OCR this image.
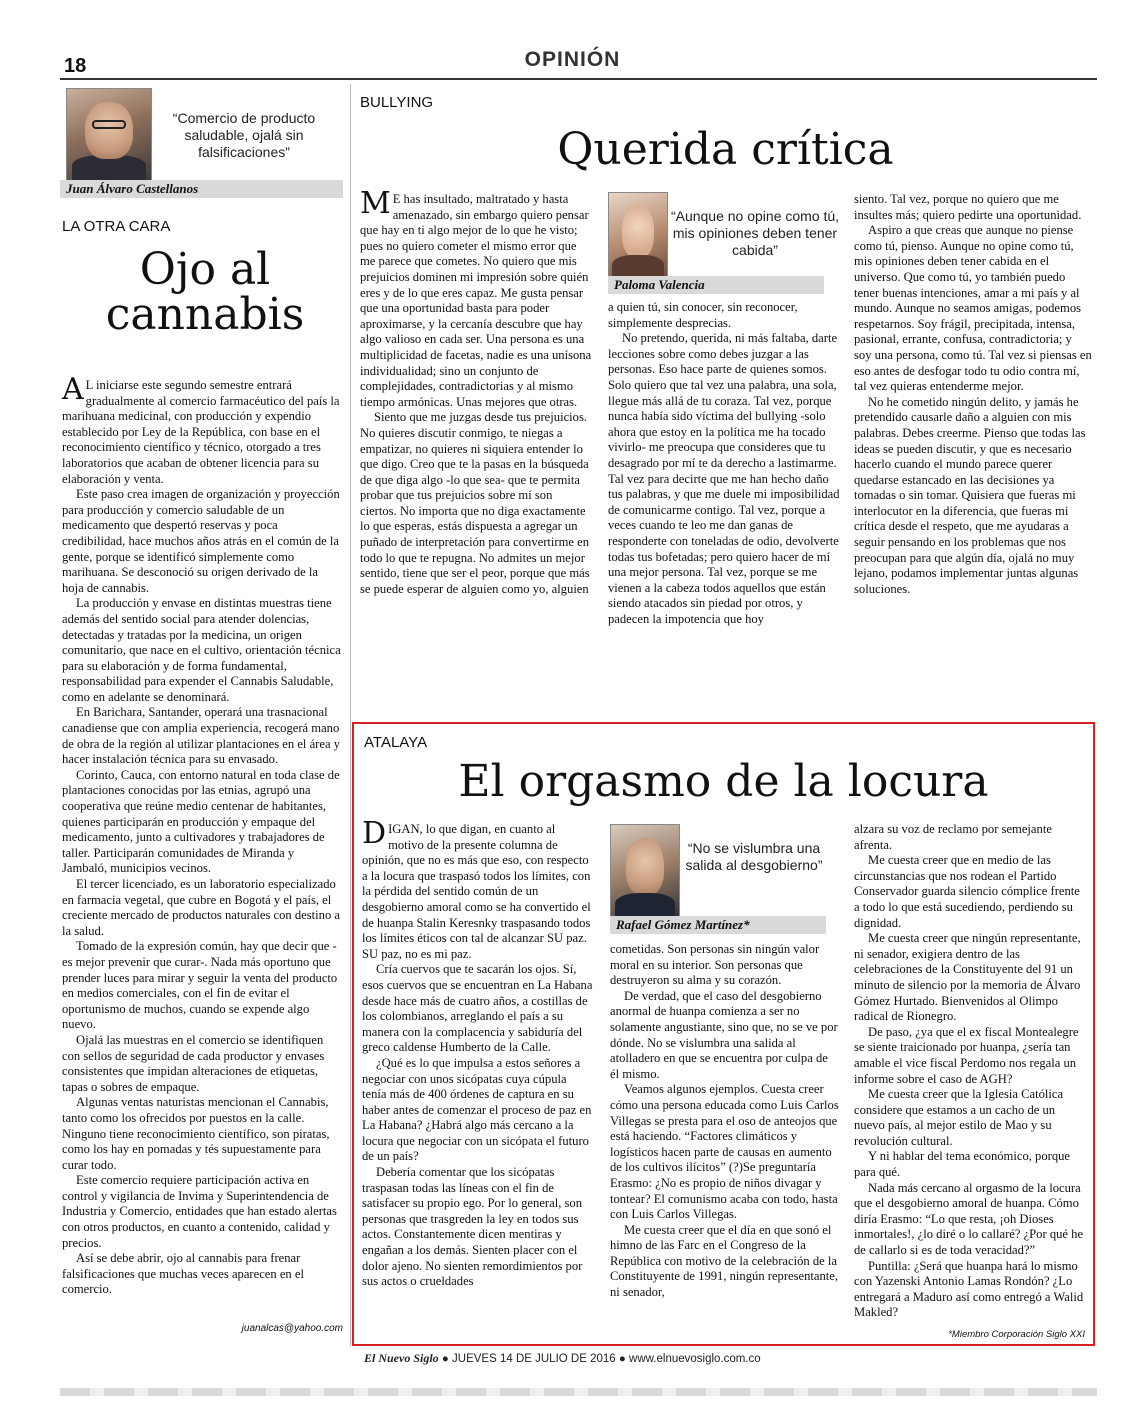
18	OPINIÓN
“Comercio de producto saludable, ojalá sin falsificaciones”
Juan Álvaro Castellanos
LA OTRA CARA
Ojo al cannabis

A L iniciarse este segundo semestre entrará gradualmente al comercio farmacéutico del país la marihuana medicinal, con producción y expendio establecido por Ley de la República, con base en el reconocimiento científico y técnico, otorgado a tres laboratorios que acaban de obtener licencia para su elaboración y venta.

Este paso crea imagen de organización y proyección para producción y comercio saludable de un medicamento que despertó reservas y poca credibilidad, hace muchos años atrás en el común de la gente, porque se identificó simplemente como marihuana. Se desconoció su origen derivado de la hoja de cannabis.

La producción y envase en distintas muestras tiene además del sentido social para atender dolencias, detectadas y tratadas por la medicina, un origen comunitario, que nace en el cultivo, orientación técnica para su elaboración y de forma fundamental, responsabilidad para expender el Cannabis Saludable, como en adelante se denominará.

En Barichara, Santander, operará una trasnacional canadiense que con amplia experiencia, recogerá mano de obra de la región al utilizar plantaciones en el área y hacer instalación técnica para su envasado.

Corinto, Cauca, con entorno natural en toda clase de plantaciones conocidas por las etnias, agrupó una cooperativa que reúne medio centenar de habitantes, quienes participarán en producción y empaque del medicamento, junto a cultivadores y trabajadores de taller. Participarán comunidades de Miranda y Jambaló, municipios vecinos.

El tercer licenciado, es un laboratorio especializado en farmacia vegetal, que cubre en Bogotá y el país, el creciente mercado de productos naturales con destino a la salud.

Tomado de la expresión común, hay que decir que -es mejor prevenir que curar-. Nada más oportuno que prender luces para mirar y seguir la venta del producto en medios comerciales, con el fin de evitar el oportunismo de muchos, cuando se expende algo nuevo.

Ojalá las muestras en el comercio se identifiquen con sellos de seguridad de cada productor y envases consistentes que impidan alteraciones de etiquetas, tapas o sobres de empaque.

Algunas ventas naturistas mencionan el Cannabis, tanto como los ofrecidos por puestos en la calle. Ninguno tiene reconocimiento científico, son piratas, como los hay en pomadas y tés supuestamente para curar todo.

Este comercio requiere participación activa en control y vigilancia de Invima y Superintendencia de Industria y Comercio, entidades que han estado alertas con otros productos, en cuanto a contenido, calidad y precios.

Así se debe abrir, ojo al cannabis para frenar falsificaciones que muchas veces aparecen en el comercio.

juanalcas@yahoo.com
BULLYING
Querida crítica

M E has insultado, maltratado y hasta amenazado, sin embargo quiero pensar que hay en ti algo mejor de lo que he visto; pues no quiero cometer el mismo error que me parece que cometes. No quiero que mis prejuicios dominen mi impresión sobre quién eres y de lo que eres capaz. Me gusta pensar que una oportunidad basta para poder aproximarse, y la cercanía descubre que hay algo valioso en cada ser. Una persona es una multiplicidad de facetas, nadie es una unísona individualidad; sino un conjunto de complejidades, contradictorias y al mismo tiempo armónicas. Unas mejores que otras.

Siento que me juzgas desde tus prejuicios. No quieres discutir conmigo, te niegas a empatizar, no quieres ni siquiera entender lo que digo. Creo que te la pasas en la búsqueda de que diga algo -lo que sea- que te permita probar que tus prejuicios sobre mí son ciertos. No importa que no diga exactamente lo que esperas, estás dispuesta a agregar un puñado de interpretación para convertirme en todo lo que te repugna. No admites un mejor sentido, tiene que ser el peor, porque que más se puede esperar de alguien como yo, alguien

“Aunque no opine como tú, mis opiniones deben tener cabida”
Paloma Valencia

a quien tú, sin conocer, sin reconocer, simplemente desprecias.

No pretendo, querida, ni más faltaba, darte lecciones sobre como debes juzgar a las personas. Eso hace parte de quienes somos. Solo quiero que tal vez una palabra, una sola, llegue más allá de tu coraza. Tal vez, porque nunca había sido víctima del bullying -solo ahora que estoy en la política me ha tocado vivirlo- me preocupa que consideres que tu desagrado por mí te da derecho a lastimarme. Tal vez para decirte que me han hecho daño tus palabras, y que me duele mi imposibilidad de comunicarme contigo. Tal vez, porque a veces cuando te leo me dan ganas de responderte con toneladas de odio, devolverte todas tus bofetadas; pero quiero hacer de mí una mejor persona. Tal vez, porque se me vienen a la cabeza todos aquellos que están siendo atacados sin piedad por otros, y padecen la impotencia que hoy

siento. Tal vez, porque no quiero que me insultes más; quiero pedirte una oportunidad.

Aspiro a que creas que aunque no piense como tú, pienso. Aunque no opine como tú, mis opiniones deben tener cabida en el universo. Que como tú, yo también puedo tener buenas intenciones, amar a mi país y al mundo. Aunque no seamos amigas, podemos respetarnos. Soy frágil, precipitada, intensa, pasional, errante, confusa, contradictoria; y soy una persona, como tú. Tal vez si piensas en eso antes de desfogar todo tu odio contra mí, tal vez quieras entenderme mejor.

No he cometido ningún delito, y jamás he pretendido causarle daño a alguien con mis palabras. Debes creerme. Pienso que todas las ideas se pueden discutir, y que es necesario hacerlo cuando el mundo parece querer quedarse estancado en las decisiones ya tomadas o sin tomar. Quisiera que fueras mi interlocutor en la diferencia, que fueras mi crítica desde el respeto, que me ayudaras a seguir pensando en los problemas que nos preocupan para que algún día, ojalá no muy lejano, podamos implementar juntas algunas soluciones.

ATALAYA
El orgasmo de la locura

DIGAN, lo que digan, en cuanto al motivo de la presente columna de opinión, que no es más que eso, con respecto a la locura que traspasó todos los límites, con la pérdida del sentido común de un desgobierno amoral como se ha convertido el de huanpa Stalin Keresnky traspasando todos los límites éticos con tal de alcanzar SU paz. SU paz, no es mi paz.

Cría cuervos que te sacarán los ojos. Sí, esos cuervos que se encuentran en La Habana desde hace más de cuatro años, a costillas de los colombianos, arreglando el país a su manera con la complacencia y sabiduría del greco caldense Humberto de la Calle.

¿Qué es lo que impulsa a estos señores a negociar con unos sicópatas cuya cúpula tenía más de 400 órdenes de captura en su haber antes de comenzar el proceso de paz en La Habana? ¿Habrá algo más cercano a la locura que negociar con un sicópata el futuro de un país?

Debería comentar que los sicópatas traspasan todas las líneas con el fin de satisfacer su propio ego. Por lo general, son personas que trasgreden la ley en todos sus actos. Constantemente dicen mentiras y engañan a los demás. Sienten placer con el dolor ajeno. No sienten remordimientos por sus actos o crueldades

“No se vislumbra una salida al desgobierno”
Rafael Gómez Martínez*

cometidas. Son personas sin ningún valor moral en su interior. Son personas que destruyeron su alma y su corazón.

De verdad, que el caso del desgobierno anormal de huanpa comienza a ser no solamente angustiante, sino que, no se ve por dónde. No se vislumbra una salida al atolladero en que se encuentra por culpa de él mismo.

Veamos algunos ejemplos. Cuesta creer cómo una persona educada como Luis Carlos Villegas se presta para el oso de anteojos que está haciendo. “Factores climáticos y logísticos hacen parte de causas en aumento de los cultivos ilícitos” (?)Se preguntaría Erasmo: ¿No es propio de niños divagar y tontear? El comunismo acaba con todo, hasta con Luis Carlos Villegas.

Me cuesta creer que el día en que sonó el himno de las Farc en el Congreso de la República con motivo de la celebración de la Constituyente de 1991, ningún representante, ni senador,

alzara su voz de reclamo por semejante afrenta.

Me cuesta creer que en medio de las circunstancias que nos rodean el Partido Conservador guarda silencio cómplice frente a todo lo que está sucediendo, perdiendo su dignidad.

Me cuesta creer que ningún representante, ni senador, exigiera dentro de las celebraciones de la Constituyente del 91 un minuto de silencio por la memoria de Álvaro Gómez Hurtado. Bienvenidos al Olimpo radical de Rionegro.

De paso, ¿ya que el ex fiscal Montealegre se siente traicionado por huanpa, ¿sería tan amable el vice fiscal Perdomo nos regala un informe sobre el caso de AGH?

Me cuesta creer que la Iglesia Católica considere que estamos a un cacho de un nuevo país, al mejor estilo de Mao y su revolución cultural.

Y ni hablar del tema económico, porque para qué.

Nada más cercano al orgasmo de la locura que el desgobierno amoral de huanpa. Cómo diría Erasmo: “Lo que resta, ¡oh Dioses inmortales!, ¿lo diré o lo callaré? ¿Por qué he de callarlo si es de toda veracidad?”

Puntilla: ¿Será que huanpa hará lo mismo con Yazenski Antonio Lamas Rondón? ¿Lo entregará a Maduro así como entregó a Walid Makled?

*Miembro Corporación Siglo XXI
El Nuevo Siglo ● JUEVES 14 DE JULIO DE 2016 ● www.elnuevosiglo.com.co
